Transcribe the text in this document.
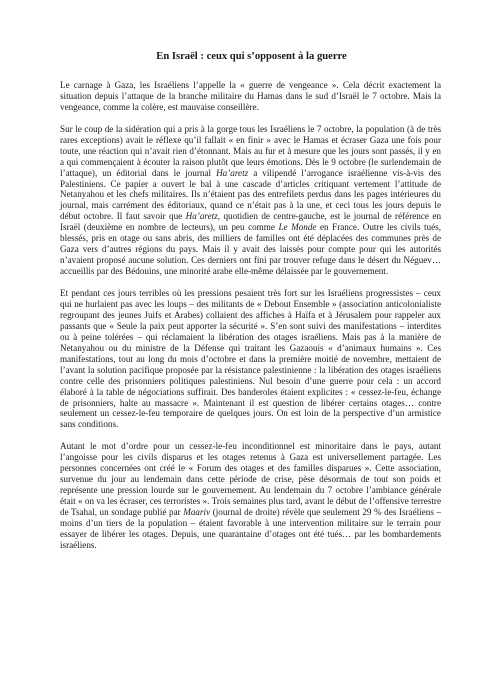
En Israël : ceux qui s’opposent à la guerre

Le carnage à Gaza, les Israéliens l’appelle la « guerre de vengeance ». Cela décrit exactement la situation depuis l’attaque de la branche militaire du Hamas dans le sud d’Israël le 7 octobre. Mais la vengeance, comme la colère, est mauvaise conseillère.

Sur le coup de la sidération qui a pris à la gorge tous les Israéliens le 7 octobre, la population (à de très rares exceptions) avait le réflexe qu’il fallait « en finir » avec le Hamas et écraser Gaza une fois pour toute, une réaction qui n’avait rien d’étonnant. Mais au fur et à mesure que les jours sont passés, il y en a qui commençaient à écouter la raison plutôt que leurs émotions. Dès le 9 octobre (le surlendemain de l’attaque), un éditorial dans le journal Ha’aretz a vilipendé l’arrogance israélienne vis-à-vis des Palestiniens. Ce papier a ouvert le bal à une cascade d’articles critiquant vertement l’attitude de Netanyahou et les chefs militaires. Ils n’étaient pas des entrefilets perdus dans les pages intérieures du journal, mais carrément des éditoriaux, quand ce n’était pas à la une, et ceci tous les jours depuis le début octobre. Il faut savoir que Ha’aretz, quotidien de centre-gauche, est le journal de référence en Israël (deuxième en nombre de lecteurs), un peu comme Le Monde en France. Outre les civils tués, blessés, pris en otage ou sans abris, des milliers de familles ont été déplacées des communes près de Gaza vers d’autres régions du pays. Mais il y avait des laissés pour compte pour qui les autorités n’avaient proposé aucune solution. Ces derniers ont fini par trouver refuge dans le désert du Néguev… accueillis par des Bédouins, une minorité arabe elle-même délaissée par le gouvernement.

Et pendant ces jours terribles où les pressions pesaient très fort sur les Israéliens progressistes – ceux qui ne hurlaient pas avec les loups – des militants de « Debout Ensemble » (association anticolonialiste regroupant des jeunes Juifs et Arabes) collaient des affiches à Haïfa et à Jérusalem pour rappeler aux passants que « Seule la paix peut apporter la sécurité ». S’en sont suivi des manifestations – interdites ou à peine tolérées – qui réclamaient la libération des otages israéliens. Mais pas à la manière de Netanyahou ou du ministre de la Défense qui traitant les Gazaouis « d’animaux humains ». Ces manifestations, tout au long du mois d’octobre et dans la première moitié de novembre, mettaient de l’avant la solution pacifique proposée par la résistance palestinienne : la libération des otages israéliens contre celle des prisonniers politiques palestiniens. Nul besoin d’une guerre pour cela : un accord élaboré à la table de négociations suffirait. Des banderoles étaient explicites : « cessez-le-feu, échange de prisonniers, halte au massacre ». Maintenant il est question de libérer certains otages… contre seulement un cessez-le-feu temporaire de quelques jours. On est loin de la perspective d’un armistice sans conditions.

Autant le mot d’ordre pour un cessez-le-feu inconditionnel est minoritaire dans le pays, autant l’angoisse pour les civils disparus et les otages retenus à Gaza est universellement partagée. Les personnes concernées ont créé le « Forum des otages et des familles disparues ». Cette association, survenue du jour au lendemain dans cette période de crise, pèse désormais de tout son poids et représente une pression lourde sur le gouvernement. Au lendemain du 7 octobre l’ambiance générale était « on va les écraser, ces terroristes ». Trois semaines plus tard, avant le début de l’offensive terrestre de Tsahal, un sondage publié par Maariv (journal de droite) révèle que seulement 29 % des Israéliens – moins d’un tiers de la population – étaient favorable à une intervention militaire sur le terrain pour essayer de libérer les otages. Depuis, une quarantaine d’otages ont été tués… par les bombardements israéliens.
